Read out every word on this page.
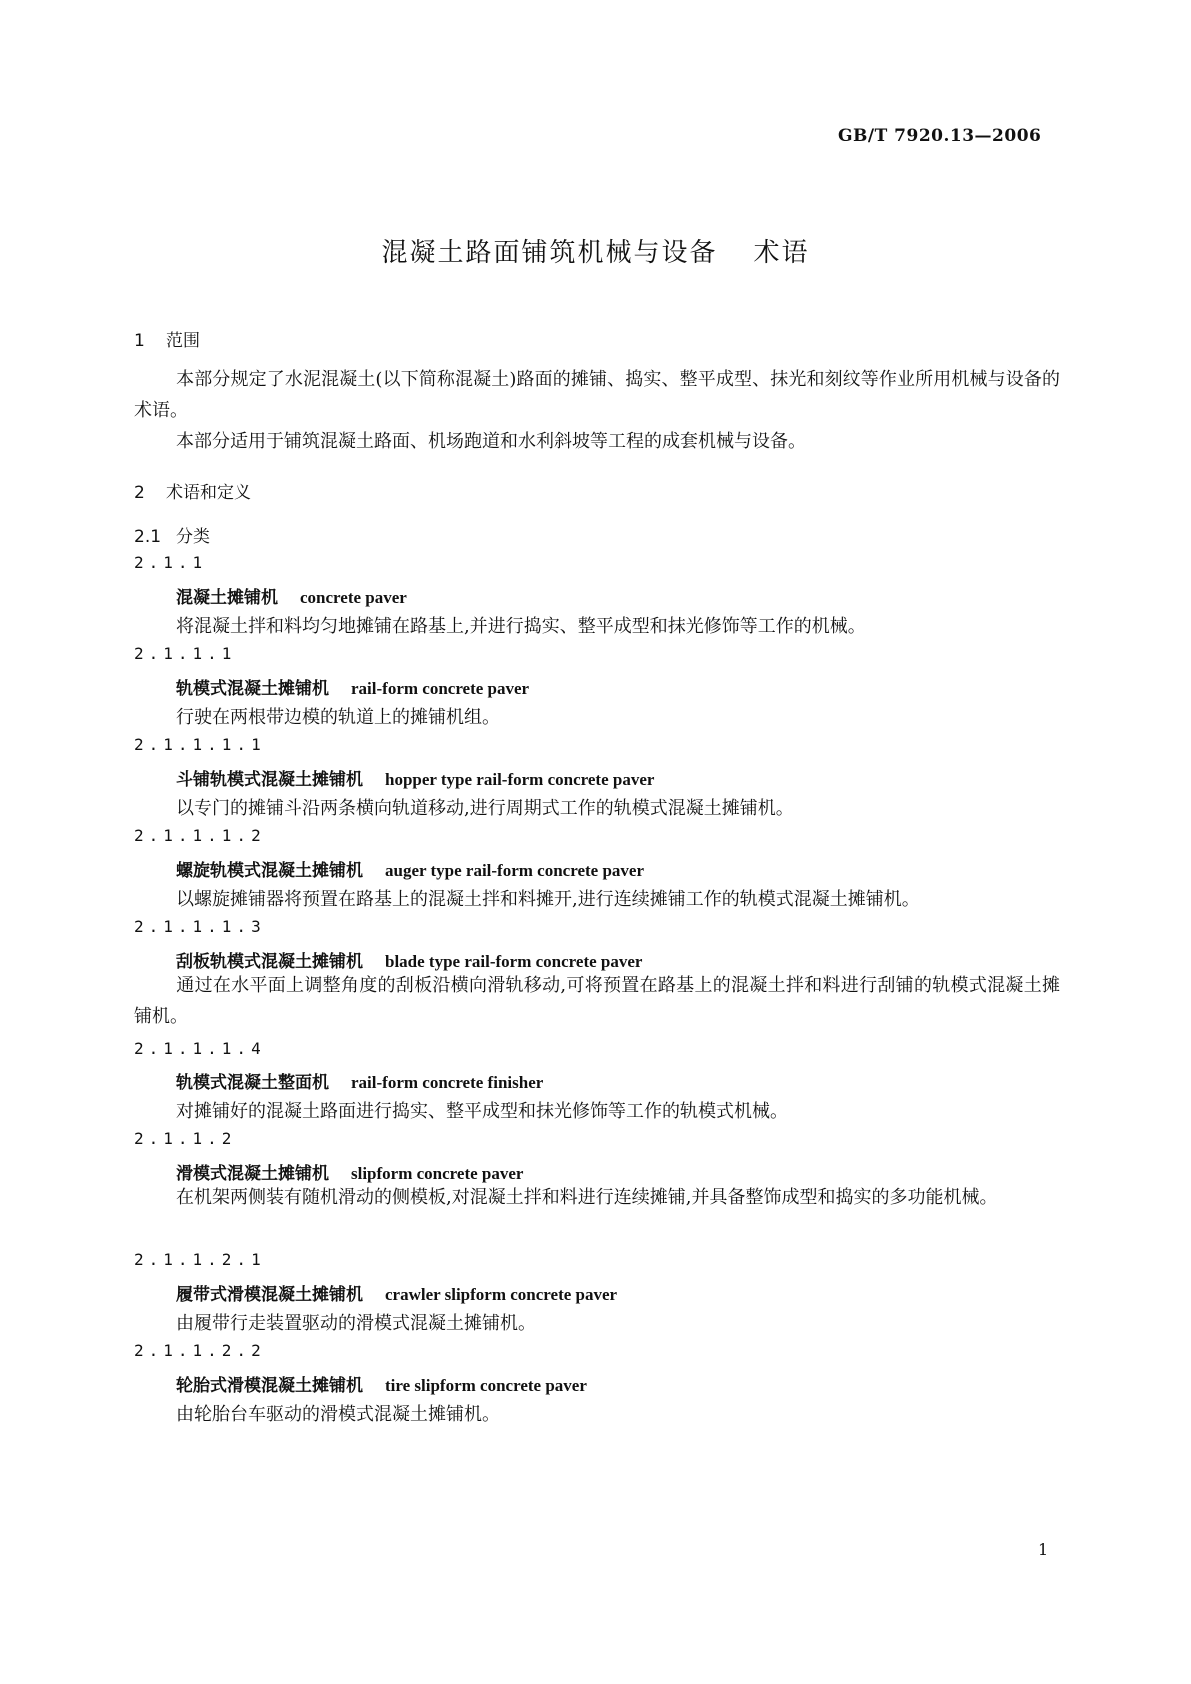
GB/T 7920.13—2006
混凝土路面铺筑机械与设备 术语
1 范围
本部分规定了水泥混凝土(以下简称混凝土)路面的摊铺、捣实、整平成型、抹光和刻纹等作业所用机械与设备的术语。
本部分适用于铺筑混凝土路面、机场跑道和水利斜坡等工程的成套机械与设备。
2 术语和定义
2.1 分类
2.1.1
混凝土摊铺机 concrete paver
将混凝土拌和料均匀地摊铺在路基上,并进行捣实、整平成型和抹光修饰等工作的机械。
2.1.1.1
轨模式混凝土摊铺机 rail-form concrete paver
行驶在两根带边模的轨道上的摊铺机组。
2.1.1.1.1
斗铺轨模式混凝土摊铺机 hopper type rail-form concrete paver
以专门的摊铺斗沿两条横向轨道移动,进行周期式工作的轨模式混凝土摊铺机。
2.1.1.1.2
螺旋轨模式混凝土摊铺机 auger type rail-form concrete paver
以螺旋摊铺器将预置在路基上的混凝土拌和料摊开,进行连续摊铺工作的轨模式混凝土摊铺机。
2.1.1.1.3
刮板轨模式混凝土摊铺机 blade type rail-form concrete paver
通过在水平面上调整角度的刮板沿横向滑轨移动,可将预置在路基上的混凝土拌和料进行刮铺的轨模式混凝土摊铺机。
2.1.1.1.4
轨模式混凝土整面机 rail-form concrete finisher
对摊铺好的混凝土路面进行捣实、整平成型和抹光修饰等工作的轨模式机械。
2.1.1.2
滑模式混凝土摊铺机 slipform concrete paver
在机架两侧装有随机滑动的侧模板,对混凝土拌和料进行连续摊铺,并具备整饰成型和捣实的多功能机械。
2.1.1.2.1
履带式滑模混凝土摊铺机 crawler slipform concrete paver
由履带行走装置驱动的滑模式混凝土摊铺机。
2.1.1.2.2
轮胎式滑模混凝土摊铺机 tire slipform concrete paver
由轮胎台车驱动的滑模式混凝土摊铺机。
1
